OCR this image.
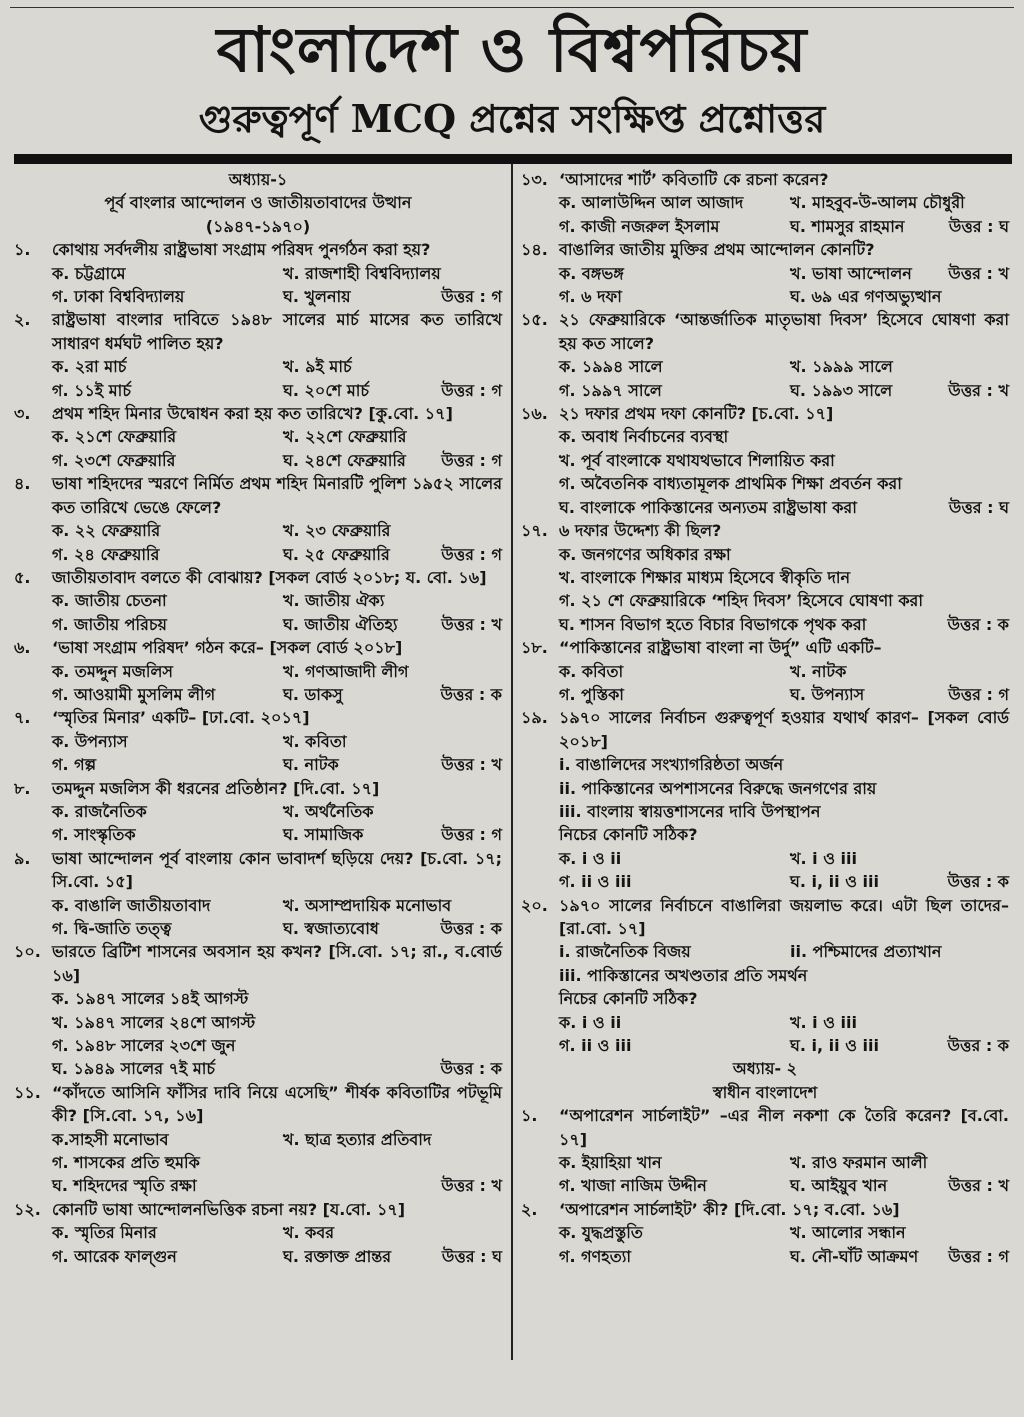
বাংলাদেশ ও বিশ্বপরিচয়
গুরুত্বপূর্ণ MCQ প্রশ্নের সংক্ষিপ্ত প্রশ্নোত্তর
অধ্যায়-১
পূর্ব বাংলার আন্দোলন ও জাতীয়তাবাদের উত্থান
(১৯৪৭-১৯৭০)
১.	কোথায় সর্বদলীয় রাষ্ট্রভাষা সংগ্রাম পরিষদ পুনর্গঠন করা হয়?
ক. চট্টগ্রামে	খ. রাজশাহী বিশ্ববিদ্যালয়
গ. ঢাকা বিশ্ববিদ্যালয়	ঘ. খুলনায়	উত্তর : গ
২.	রাষ্ট্রভাষা বাংলার দাবিতে ১৯৪৮ সালের মার্চ মাসের কত তারিখে সাধারণ ধর্মঘট পালিত হয়?
ক. ২রা মার্চ	খ. ৯ই মার্চ
গ. ১১ই মার্চ	ঘ. ২০শে মার্চ	উত্তর : গ
৩.	প্রথম শহিদ মিনার উদ্বোধন করা হয় কত তারিখে? [কু.বো. ১৭]
ক. ২১শে ফেব্রুয়ারি	খ. ২২শে ফেব্রুয়ারি
গ. ২৩শে ফেব্রুয়ারি	ঘ. ২৪শে ফেব্রুয়ারি	উত্তর : গ
৪.	ভাষা শহিদদের স্মরণে নির্মিত প্রথম শহিদ মিনারটি পুলিশ ১৯৫২ সালের কত তারিখে ভেঙে ফেলে?
ক. ২২ ফেব্রুয়ারি	খ. ২৩ ফেব্রুয়ারি
গ. ২৪ ফেব্রুয়ারি	ঘ. ২৫ ফেব্রুয়ারি	উত্তর : গ
৫.	জাতীয়তাবাদ বলতে কী বোঝায়? [সকল বোর্ড ২০১৮; য. বো. ১৬]
ক. জাতীয় চেতনা	খ. জাতীয় ঐক্য
গ. জাতীয় পরিচয়	ঘ. জাতীয় ঐতিহ্য	উত্তর : খ
৬.	‘ভাষা সংগ্রাম পরিষদ’ গঠন করে– [সকল বোর্ড ২০১৮]
ক. তমদ্দুন মজলিস	খ. গণআজাদী লীগ
গ. আওয়ামী মুসলিম লীগ	ঘ. ডাকসু	উত্তর : ক
৭.	‘স্মৃতির মিনার’ একটি– [ঢা.বো. ২০১৭]
ক. উপন্যাস	খ. কবিতা
গ. গল্প	ঘ. নাটক	উত্তর : খ
৮.	তমদ্দুন মজলিস কী ধরনের প্রতিষ্ঠান? [দি.বো. ১৭]
ক. রাজনৈতিক	খ. অর্থনৈতিক
গ. সাংস্কৃতিক	ঘ. সামাজিক	উত্তর : গ
৯.	ভাষা আন্দোলন পূর্ব বাংলায় কোন ভাবাদর্শ ছড়িয়ে দেয়? [চ.বো. ১৭; সি.বো. ১৫]
ক. বাঙালি জাতীয়তাবাদ	খ. অসাম্প্রদায়িক মনোভাব
গ. দ্বি-জাতি তত্ত্ব	ঘ. স্বজাত্যবোধ	উত্তর : ক
১০. ভারতে ব্রিটিশ শাসনের অবসান হয় কখন? [সি.বো. ১৭; রা., ব.বোর্ড ১৬]
ক. ১৯৪৭ সালের ১৪ই আগস্ট
খ. ১৯৪৭ সালের ২৪শে আগস্ট
গ. ১৯৪৮ সালের ২৩শে জুন
ঘ. ১৯৪৯ সালের ৭ই মার্চ	উত্তর : ক
১১. “কাঁদতে আসিনি ফাঁসির দাবি নিয়ে এসেছি” শীর্ষক কবিতাটির পটভূমি কী? [সি.বো. ১৭, ১৬]
ক.সাহসী মনোভাব	খ. ছাত্র হত্যার প্রতিবাদ
গ. শাসকের প্রতি হুমকি
ঘ. শহিদদের স্মৃতি রক্ষা	উত্তর : খ
১২. কোনটি ভাষা আন্দোলনভিত্তিক রচনা নয়? [য.বো. ১৭]
ক. স্মৃতির মিনার	খ. কবর
গ. আরেক ফাল্গুন	ঘ. রক্তাক্ত প্রান্তর	উত্তর : ঘ
১৩. ‘আসাদের শার্ট’ কবিতাটি কে রচনা করেন?
ক. আলাউদ্দিন আল আজাদ	খ. মাহবুব-উ-আলম চৌধুরী
গ. কাজী নজরুল ইসলাম	ঘ. শামসুর রাহমান	উত্তর : ঘ
১৪. বাঙালির জাতীয় মুক্তির প্রথম আন্দোলন কোনটি?
ক. বঙ্গভঙ্গ	খ. ভাষা আন্দোলন	উত্তর : খ
গ. ৬ দফা	ঘ. ৬৯ এর গণঅভ্যুত্থান
১৫. ২১ ফেব্রুয়ারিকে ‘আন্তর্জাতিক মাতৃভাষা দিবস’ হিসেবে ঘোষণা করা হয় কত সালে?
ক. ১৯৯৪ সালে	খ. ১৯৯৯ সালে
গ. ১৯৯৭ সালে	ঘ. ১৯৯৩ সালে	উত্তর : খ
১৬. ২১ দফার প্রথম দফা কোনটি? [চ.বো. ১৭]
ক. অবাধ নির্বাচনের ব্যবস্থা
খ. পূর্ব বাংলাকে যথাযথভাবে শিলায়িত করা
গ. অবৈতনিক বাধ্যতামূলক প্রাথমিক শিক্ষা প্রবর্তন করা
ঘ. বাংলাকে পাকিস্তানের অন্যতম রাষ্ট্রভাষা করা	উত্তর : ঘ
১৭. ৬ দফার উদ্দেশ্য কী ছিল?
ক. জনগণের অধিকার রক্ষা
খ. বাংলাকে শিক্ষার মাধ্যম হিসেবে স্বীকৃতি দান
গ. ২১ শে ফেব্রুয়ারিকে ‘শহিদ দিবস’ হিসেবে ঘোষণা করা
ঘ. শাসন বিভাগ হতে বিচার বিভাগকে পৃথক করা	উত্তর : ক
১৮. “পাকিস্তানের রাষ্ট্রভাষা বাংলা না উর্দু” এটি একটি–
ক. কবিতা	খ. নাটক
গ. পুস্তিকা	ঘ. উপন্যাস	উত্তর : গ
১৯. ১৯৭০ সালের নির্বাচন গুরুত্বপূর্ণ হওয়ার যথার্থ কারণ– [সকল বোর্ড ২০১৮]
i. বাঙালিদের সংখ্যাগরিষ্ঠতা অর্জন
ii. পাকিস্তানের অপশাসনের বিরুদ্ধে জনগণের রায়
iii. বাংলায় স্বায়ত্তশাসনের দাবি উপস্থাপন
নিচের কোনটি সঠিক?
ক. i ও ii	খ. i ও iii
গ. ii ও iii	ঘ. i, ii ও iii	উত্তর : ক
২০. ১৯৭০ সালের নির্বাচনে বাঙালিরা জয়লাভ করে। এটা ছিল তাদের– [রা.বো. ১৭]
i. রাজনৈতিক বিজয়	ii. পশ্চিমাদের প্রত্যাখান
iii. পাকিস্তানের অখণ্ডতার প্রতি সমর্থন
নিচের কোনটি সঠিক?
ক. i ও ii	খ. i ও iii
গ. ii ও iii	ঘ. i, ii ও iii	উত্তর : ক
অধ্যায়- ২
স্বাধীন বাংলাদেশ
১.	“অপারেশন সার্চলাইট” –এর নীল নকশা কে তৈরি করেন? [ব.বো. ১৭]
ক. ইয়াহিয়া খান	খ. রাও ফরমান আলী
গ. খাজা নাজিম উদ্দীন	ঘ. আইয়ুব খান	উত্তর : খ
২.	‘অপারেশন সার্চলাইট’ কী? [দি.বো. ১৭; ব.বো. ১৬]
ক. যুদ্ধপ্রস্তুতি	খ. আলোর সন্ধান
গ. গণহত্যা	ঘ. নৌ-ঘাঁট আক্রমণ	উত্তর : গ
